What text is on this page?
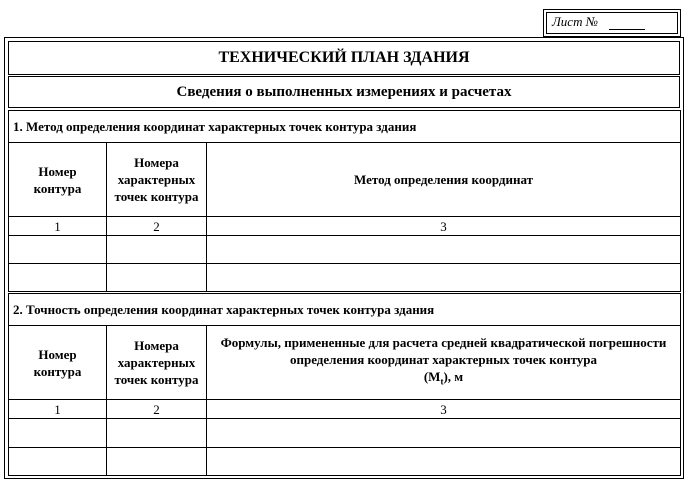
Лист №
ТЕХНИЧЕСКИЙ ПЛАН ЗДАНИЯ
Сведения о выполненных измерениях и расчетах
1. Метод определения координат характерных точек контура здания		
Номер контура	Номера характерных точек контура	Метод определения координат
1	2	3

2. Точность определения координат характерных точек контура здания		
Номер контура	Номера характерных точек контура	Формулы, примененные для расчета средней квадратической погрешности определения координат характерных точек контура
$(M_t)$, м
1	2	3
